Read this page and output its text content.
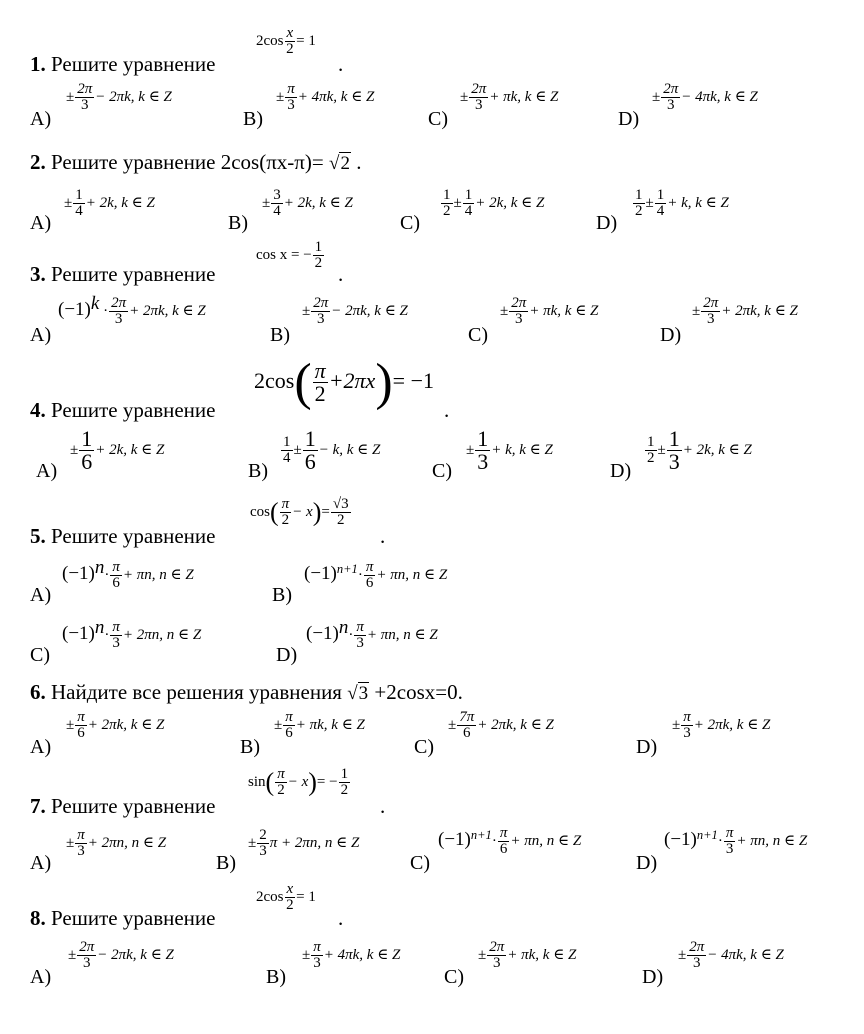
1. Решите уравнение
$2\cos \frac{x}{2} = 1$
.
A)
± $\frac{2\pi}{3} - 2\pi k$, k ∈ Z
B)
± $\frac{\pi}{3} + 4\pi k$, k ∈ Z
C)
± $\frac{2\pi}{3} + \pi k$, k ∈ Z
D)
± $\frac{2\pi}{3} - 4\pi k$, k ∈ Z
2. Решите уравнение 2cos(πx-π)= √2 .
A)
± $\frac{1}{4} + 2k$, k ∈ Z
B)
± $\frac{3}{4} + 2k$, k ∈ Z
C)
$\frac{1}{2} \pm \frac{1}{4} + 2k$, k ∈ Z
D)
$\frac{1}{2} \pm \frac{1}{4} + k$, k ∈ Z
3. Решите уравнение
cos x = − $\frac{1}{2}$
.
A)
$(-1)^k \cdot \frac{2\pi}{3} + 2\pi k$, k ∈ Z
B)
± $\frac{2\pi}{3} - 2\pi k$, k ∈ Z
C)
± $\frac{2\pi}{3} + \pi k$, k ∈ Z
D)
± $\frac{2\pi}{3} + 2\pi k$, k ∈ Z
4. Решите уравнение
$2\cos( \frac{\pi}{2} +2\pi x)= -1$
.
A)
± $\frac{1}{6} + 2k$, k ∈ Z
B)
$\frac{1}{4} \pm \frac{1}{6} - k$, k ∈ Z
C)
± $\frac{1}{3} + k$, k ∈ Z
D)
$\frac{1}{2} \pm \frac{1}{3} + 2k$, k ∈ Z
5. Решите уравнение
$\cos( \frac{\pi}{2} - x)= \frac{√3}{2}$
.
A)
$(-1)^n\cdot \frac{\pi}{6} + \pi n$, n ∈ Z
B)
$(-1)^{n+1}\cdot \frac{\pi}{6} + \pi n$, n ∈ Z
C)
$(-1)^n\cdot \frac{\pi}{3} + 2\pi n$, n ∈ Z
D)
$(-1)^n\cdot \frac{\pi}{3} + \pi n$, n ∈ Z
6. Найдите все решения уравнения √3 +2cosx=0.
A)
± $\frac{\pi}{6} + 2\pi k$, k ∈ Z
B)
± $\frac{\pi}{6} + \pi k$, k ∈ Z
C)
± $\frac{7\pi}{6} + 2\pi k$, k ∈ Z
D)
± $\frac{\pi}{3} + 2\pi k$, k ∈ Z
7. Решите уравнение
$\sin( \frac{\pi}{2} - x)= - \frac{1}{2}$
.
A)
± $\frac{\pi}{3} + 2\pi n$, n ∈ Z
B)
± $\frac{2}{3}$ π + 2πn, n ∈ Z
C)
$(-1)^{n+1}\cdot \frac{\pi}{6} + \pi n$, n ∈ Z
D)
$(-1)^{n+1}\cdot \frac{\pi}{3} + \pi n$, n ∈ Z
8. Решите уравнение
$2\cos \frac{x}{2} = 1$
.
A)
± $\frac{2\pi}{3} - 2\pi k$, k ∈ Z
B)
± $\frac{\pi}{3} + 4\pi k$, k ∈ Z
C)
± $\frac{2\pi}{3} + \pi k$, k ∈ Z
D)
± $\frac{2\pi}{3} - 4\pi k$, k ∈ Z
